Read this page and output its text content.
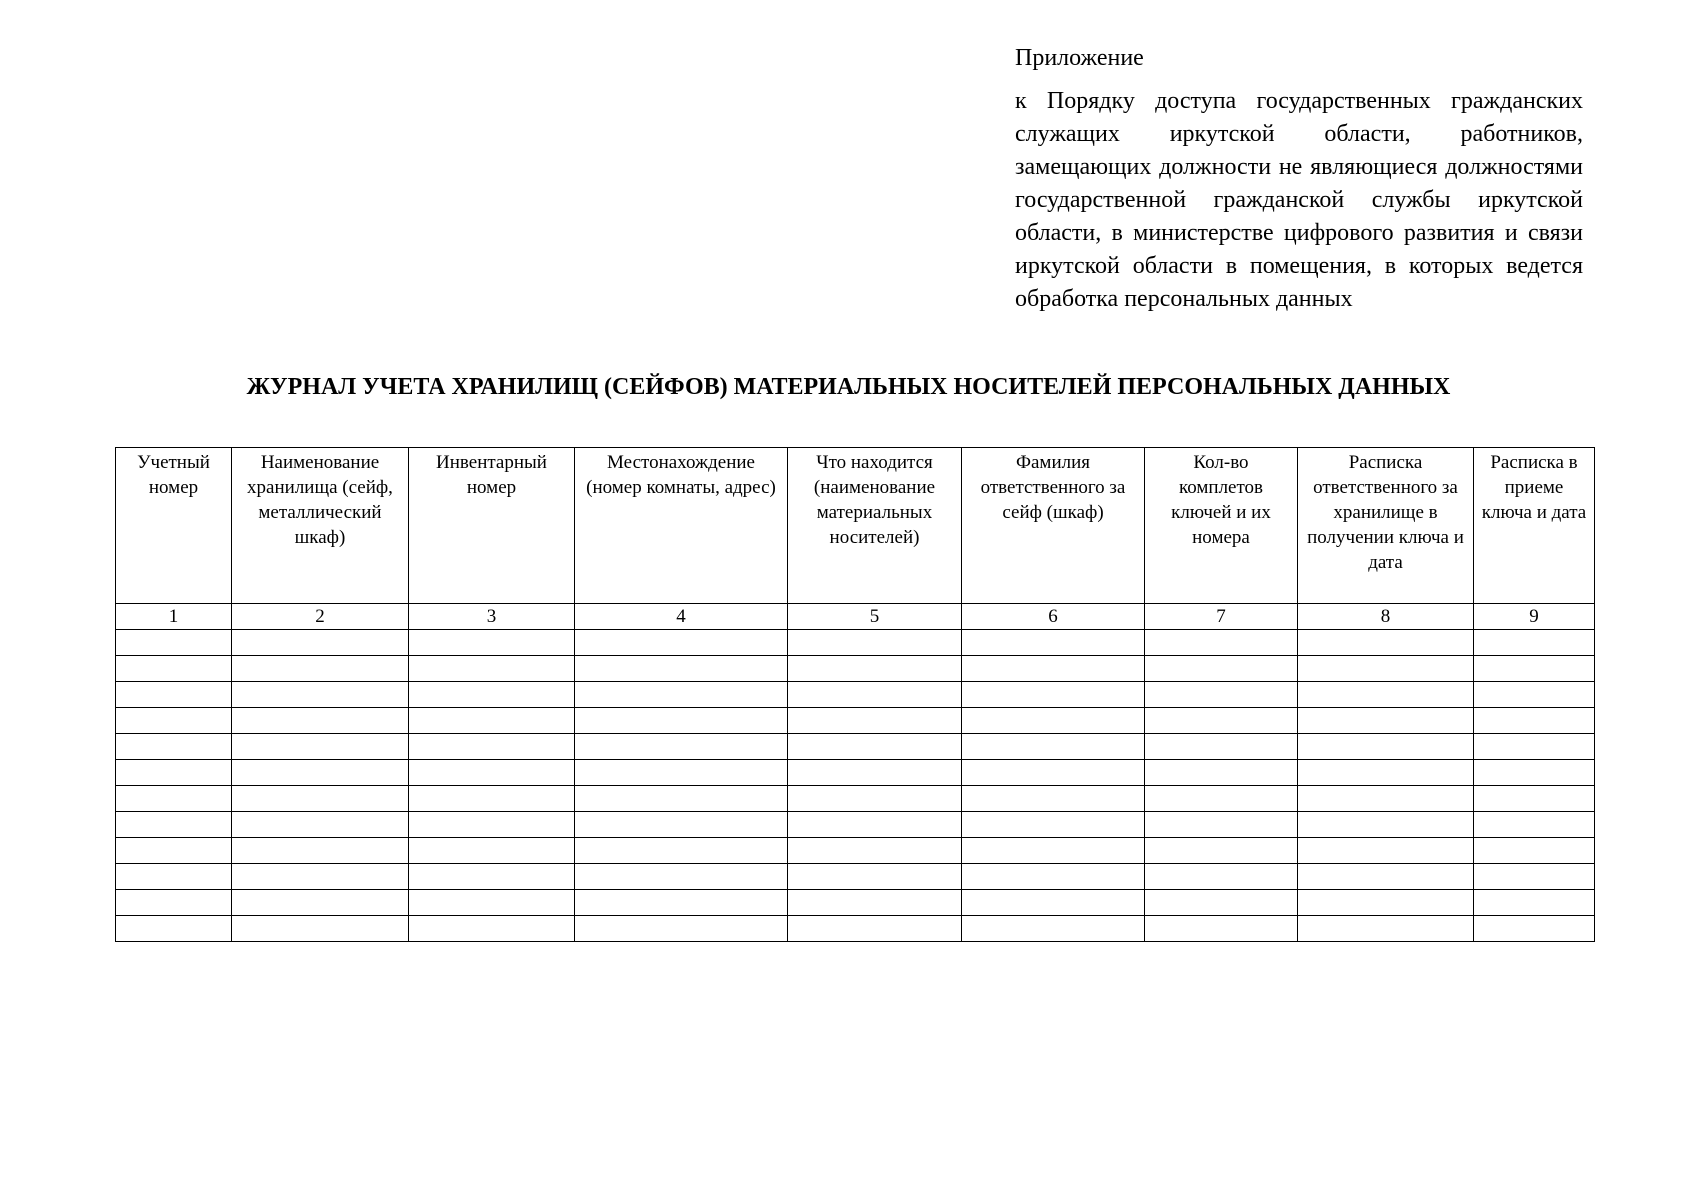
Приложение

к Порядку доступа государственных гражданских служащих иркутской области, работников, замещающих должности не являющиеся должностями государственной гражданской службы иркутской области, в министерстве цифрового развития и связи иркутской области в помещения, в которых ведется обработка персональных данных

ЖУРНАЛ УЧЕТА ХРАНИЛИЩ (СЕЙФОВ) МАТЕРИАЛЬНЫХ НОСИТЕЛЕЙ ПЕРСОНАЛЬНЫХ ДАННЫХ
Учетный номер	Наименование хранилища (сейф, металлический шкаф)	Инвентарный номер	Местонахождение (номер комнаты, адрес)	Что находится (наименование материальных носителей)	Фамилия ответственного за сейф (шкаф)	Кол-во комплетов ключей и их номера	Расписка ответственного за хранилище в получении ключа и дата	Расписка в приеме ключа и дата
1	2	3	4	5	6	7	8	9
